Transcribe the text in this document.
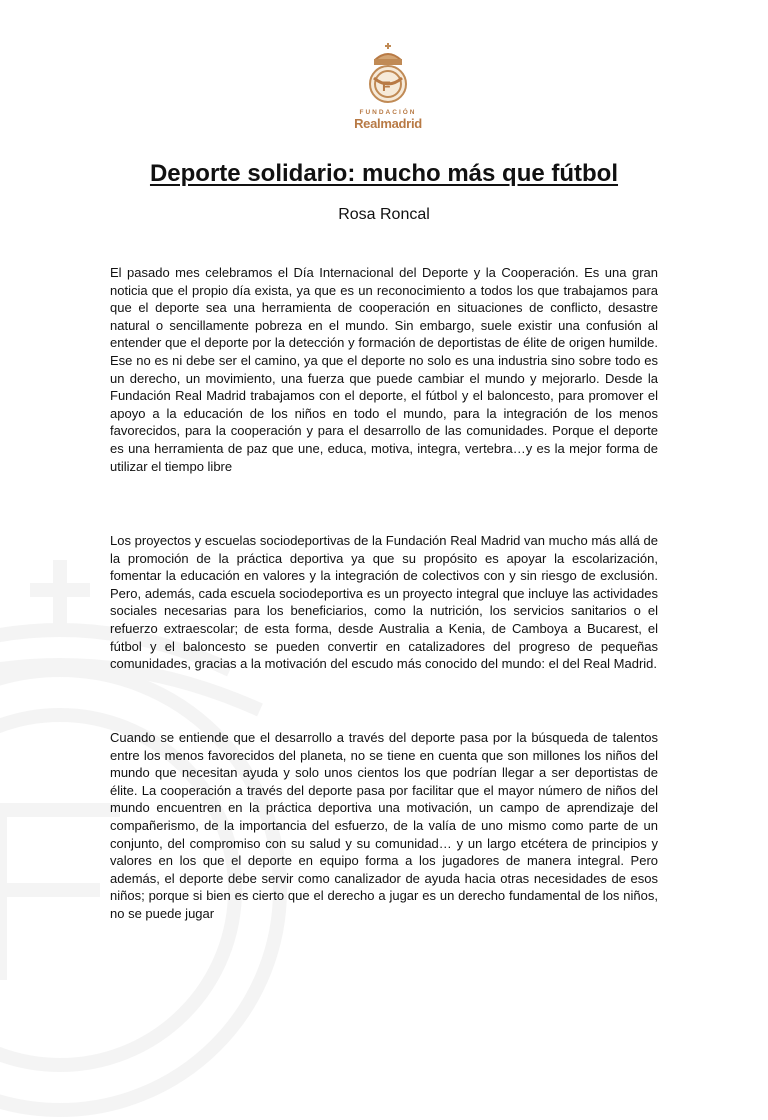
F
FUNDACIÓN
Realmadrid
Deporte solidario: mucho más que fútbol
Rosa Roncal

El pasado mes celebramos el Día Internacional del Deporte y la Cooperación. Es una gran noticia que el propio día exista, ya que es un reconocimiento a todos los que trabajamos para que el deporte sea una herramienta de cooperación en situaciones de conflicto, desastre natural o sencillamente pobreza en el mundo. Sin embargo, suele existir una confusión al entender que el deporte por la detección y formación de deportistas de élite de origen humilde. Ese no es ni debe ser el camino, ya que el deporte no solo es una industria sino sobre todo es un derecho, un movimiento, una fuerza que puede cambiar el mundo y mejorarlo. Desde la Fundación Real Madrid trabajamos con el deporte, el fútbol y el baloncesto, para promover el apoyo a la educación de los niños en todo el mundo, para la integración de los menos favorecidos, para la cooperación y para el desarrollo de las comunidades. Porque el deporte es una herramienta de paz que une, educa, motiva, integra, vertebra…y es la mejor forma de utilizar el tiempo libre

Los proyectos y escuelas sociodeportivas de la Fundación Real Madrid van mucho más allá de la promoción de la práctica deportiva ya que su propósito es apoyar la escolarización, fomentar la educación en valores y la integración de colectivos con y sin riesgo de exclusión. Pero, además, cada escuela sociodeportiva es un proyecto integral que incluye las actividades sociales necesarias para los beneficiarios, como la nutrición, los servicios sanitarios o el refuerzo extraescolar; de esta forma, desde Australia a Kenia, de Camboya a Bucarest, el fútbol y el baloncesto se pueden convertir en catalizadores del progreso de pequeñas comunidades, gracias a la motivación del escudo más conocido del mundo: el del Real Madrid.

Cuando se entiende que el desarrollo a través del deporte pasa por la búsqueda de talentos entre los menos favorecidos del planeta, no se tiene en cuenta que son millones los niños del mundo que necesitan ayuda y solo unos cientos los que podrían llegar a ser deportistas de élite. La cooperación a través del deporte pasa por facilitar que el mayor número de niños del mundo encuentren en la práctica deportiva una motivación, un campo de aprendizaje del compañerismo, de la importancia del esfuerzo, de la valía de uno mismo como parte de un conjunto, del compromiso con su salud y su comunidad… y un largo etcétera de principios y valores en los que el deporte en equipo forma a los jugadores de manera integral. Pero además, el deporte debe servir como canalizador de ayuda hacia otras necesidades de esos niños; porque si bien es cierto que el derecho a jugar es un derecho fundamental de los niños, no se puede jugar
